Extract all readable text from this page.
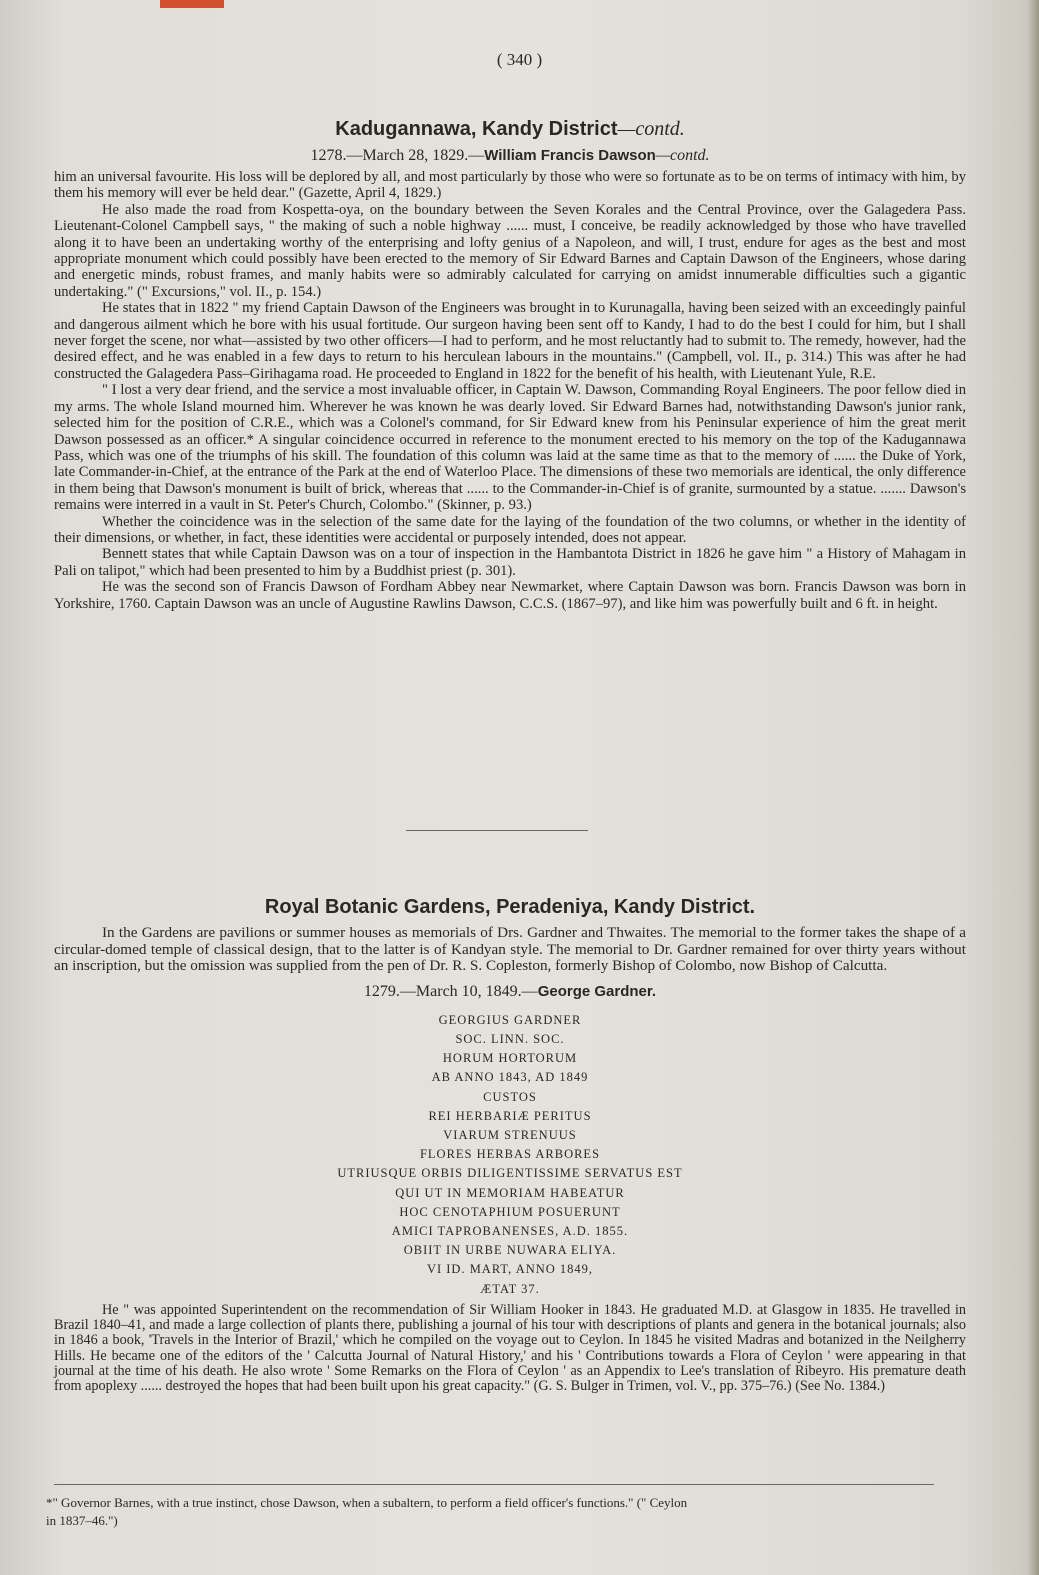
( 340 )
Kadugannawa, Kandy District—contd.
1278.—March 28, 1829.—William Francis Dawson—contd.

him an universal favourite. His loss will be deplored by all, and most particularly by those who were so fortunate as to be on terms of intimacy with him, by them his memory will ever be held dear." (Gazette, April 4, 1829.)

He also made the road from Kospetta-oya, on the boundary between the Seven Korales and the Central Province, over the Galagedera Pass. Lieutenant-Colonel Campbell says, " the making of such a noble highway ...... must, I conceive, be readily acknowledged by those who have travelled along it to have been an undertaking worthy of the enterprising and lofty genius of a Napoleon, and will, I trust, endure for ages as the best and most appropriate monument which could possibly have been erected to the memory of Sir Edward Barnes and Captain Dawson of the Engineers, whose daring and energetic minds, robust frames, and manly habits were so admirably calculated for carrying on amidst innumerable difficulties such a gigantic undertaking." (" Excursions," vol. II., p. 154.)

He states that in 1822 " my friend Captain Dawson of the Engineers was brought in to Kurunagalla, having been seized with an exceedingly painful and dangerous ailment which he bore with his usual fortitude. Our surgeon having been sent off to Kandy, I had to do the best I could for him, but I shall never forget the scene, nor what—assisted by two other officers—I had to perform, and he most reluctantly had to submit to. The remedy, however, had the desired effect, and he was enabled in a few days to return to his herculean labours in the mountains." (Campbell, vol. II., p. 314.) This was after he had constructed the Galagedera Pass–Girihagama road. He proceeded to England in 1822 for the benefit of his health, with Lieutenant Yule, R.E.

" I lost a very dear friend, and the service a most invaluable officer, in Captain W. Dawson, Commanding Royal Engineers. The poor fellow died in my arms. The whole Island mourned him. Wherever he was known he was dearly loved. Sir Edward Barnes had, notwithstanding Dawson's junior rank, selected him for the position of C.R.E., which was a Colonel's command, for Sir Edward knew from his Peninsular experience of him the great merit Dawson possessed as an officer.* A singular coincidence occurred in reference to the monument erected to his memory on the top of the Kadugannawa Pass, which was one of the triumphs of his skill. The foundation of this column was laid at the same time as that to the memory of ...... the Duke of York, late Commander-in-Chief, at the entrance of the Park at the end of Waterloo Place. The dimensions of these two memorials are identical, the only difference in them being that Dawson's monument is built of brick, whereas that ...... to the Commander-in-Chief is of granite, surmounted by a statue. ....... Dawson's remains were interred in a vault in St. Peter's Church, Colombo." (Skinner, p. 93.)

Whether the coincidence was in the selection of the same date for the laying of the foundation of the two columns, or whether in the identity of their dimensions, or whether, in fact, these identities were accidental or purposely intended, does not appear.

Bennett states that while Captain Dawson was on a tour of inspection in the Hambantota District in 1826 he gave him " a History of Mahagam in Pali on talipot," which had been presented to him by a Buddhist priest (p. 301).

He was the second son of Francis Dawson of Fordham Abbey near Newmarket, where Captain Dawson was born. Francis Dawson was born in Yorkshire, 1760. Captain Dawson was an uncle of Augustine Rawlins Dawson, C.C.S. (1867–97), and like him was powerfully built and 6 ft. in height.

Royal Botanic Gardens, Peradeniya, Kandy District.

In the Gardens are pavilions or summer houses as memorials of Drs. Gardner and Thwaites. The memorial to the former takes the shape of a circular-domed temple of classical design, that to the latter is of Kandyan style. The memorial to Dr. Gardner remained for over thirty years without an inscription, but the omission was supplied from the pen of Dr. R. S. Copleston, formerly Bishop of Colombo, now Bishop of Calcutta.

1279.—March 10, 1849.—George Gardner.
GEORGIUS GARDNER
SOC. LINN. SOC.
HORUM HORTORUM
AB ANNO 1843, AD 1849
CUSTOS
REI HERBARIÆ PERITUS
VIARUM STRENUUS
FLORES HERBAS ARBORES
UTRIUSQUE ORBIS DILIGENTISSIME SERVATUS EST
QUI UT IN MEMORIAM HABEATUR
HOC CENOTAPHIUM POSUERUNT
AMICI TAPROBANENSES, A.D. 1855.
OBIIT IN URBE NUWARA ELIYA.
VI ID. MART, ANNO 1849,
ÆTAT 37.

He " was appointed Superintendent on the recommendation of Sir William Hooker in 1843. He graduated M.D. at Glasgow in 1835. He travelled in Brazil 1840–41, and made a large collection of plants there, publishing a journal of his tour with descriptions of plants and genera in the botanical journals; also in 1846 a book, 'Travels in the Interior of Brazil,' which he compiled on the voyage out to Ceylon. In 1845 he visited Madras and botanized in the Neilgherry Hills. He became one of the editors of the ' Calcutta Journal of Natural History,' and his ' Contributions towards a Flora of Ceylon ' were appearing in that journal at the time of his death. He also wrote ' Some Remarks on the Flora of Ceylon ' as an Appendix to Lee's translation of Ribeyro. His premature death from apoplexy ...... destroyed the hopes that had been built upon his great capacity." (G. S. Bulger in Trimen, vol. V., pp. 375–76.) (See No. 1384.)

*" Governor Barnes, with a true instinct, chose Dawson, when a subaltern, to perform a field officer's functions." (" Ceylon
in 1837–46.")
